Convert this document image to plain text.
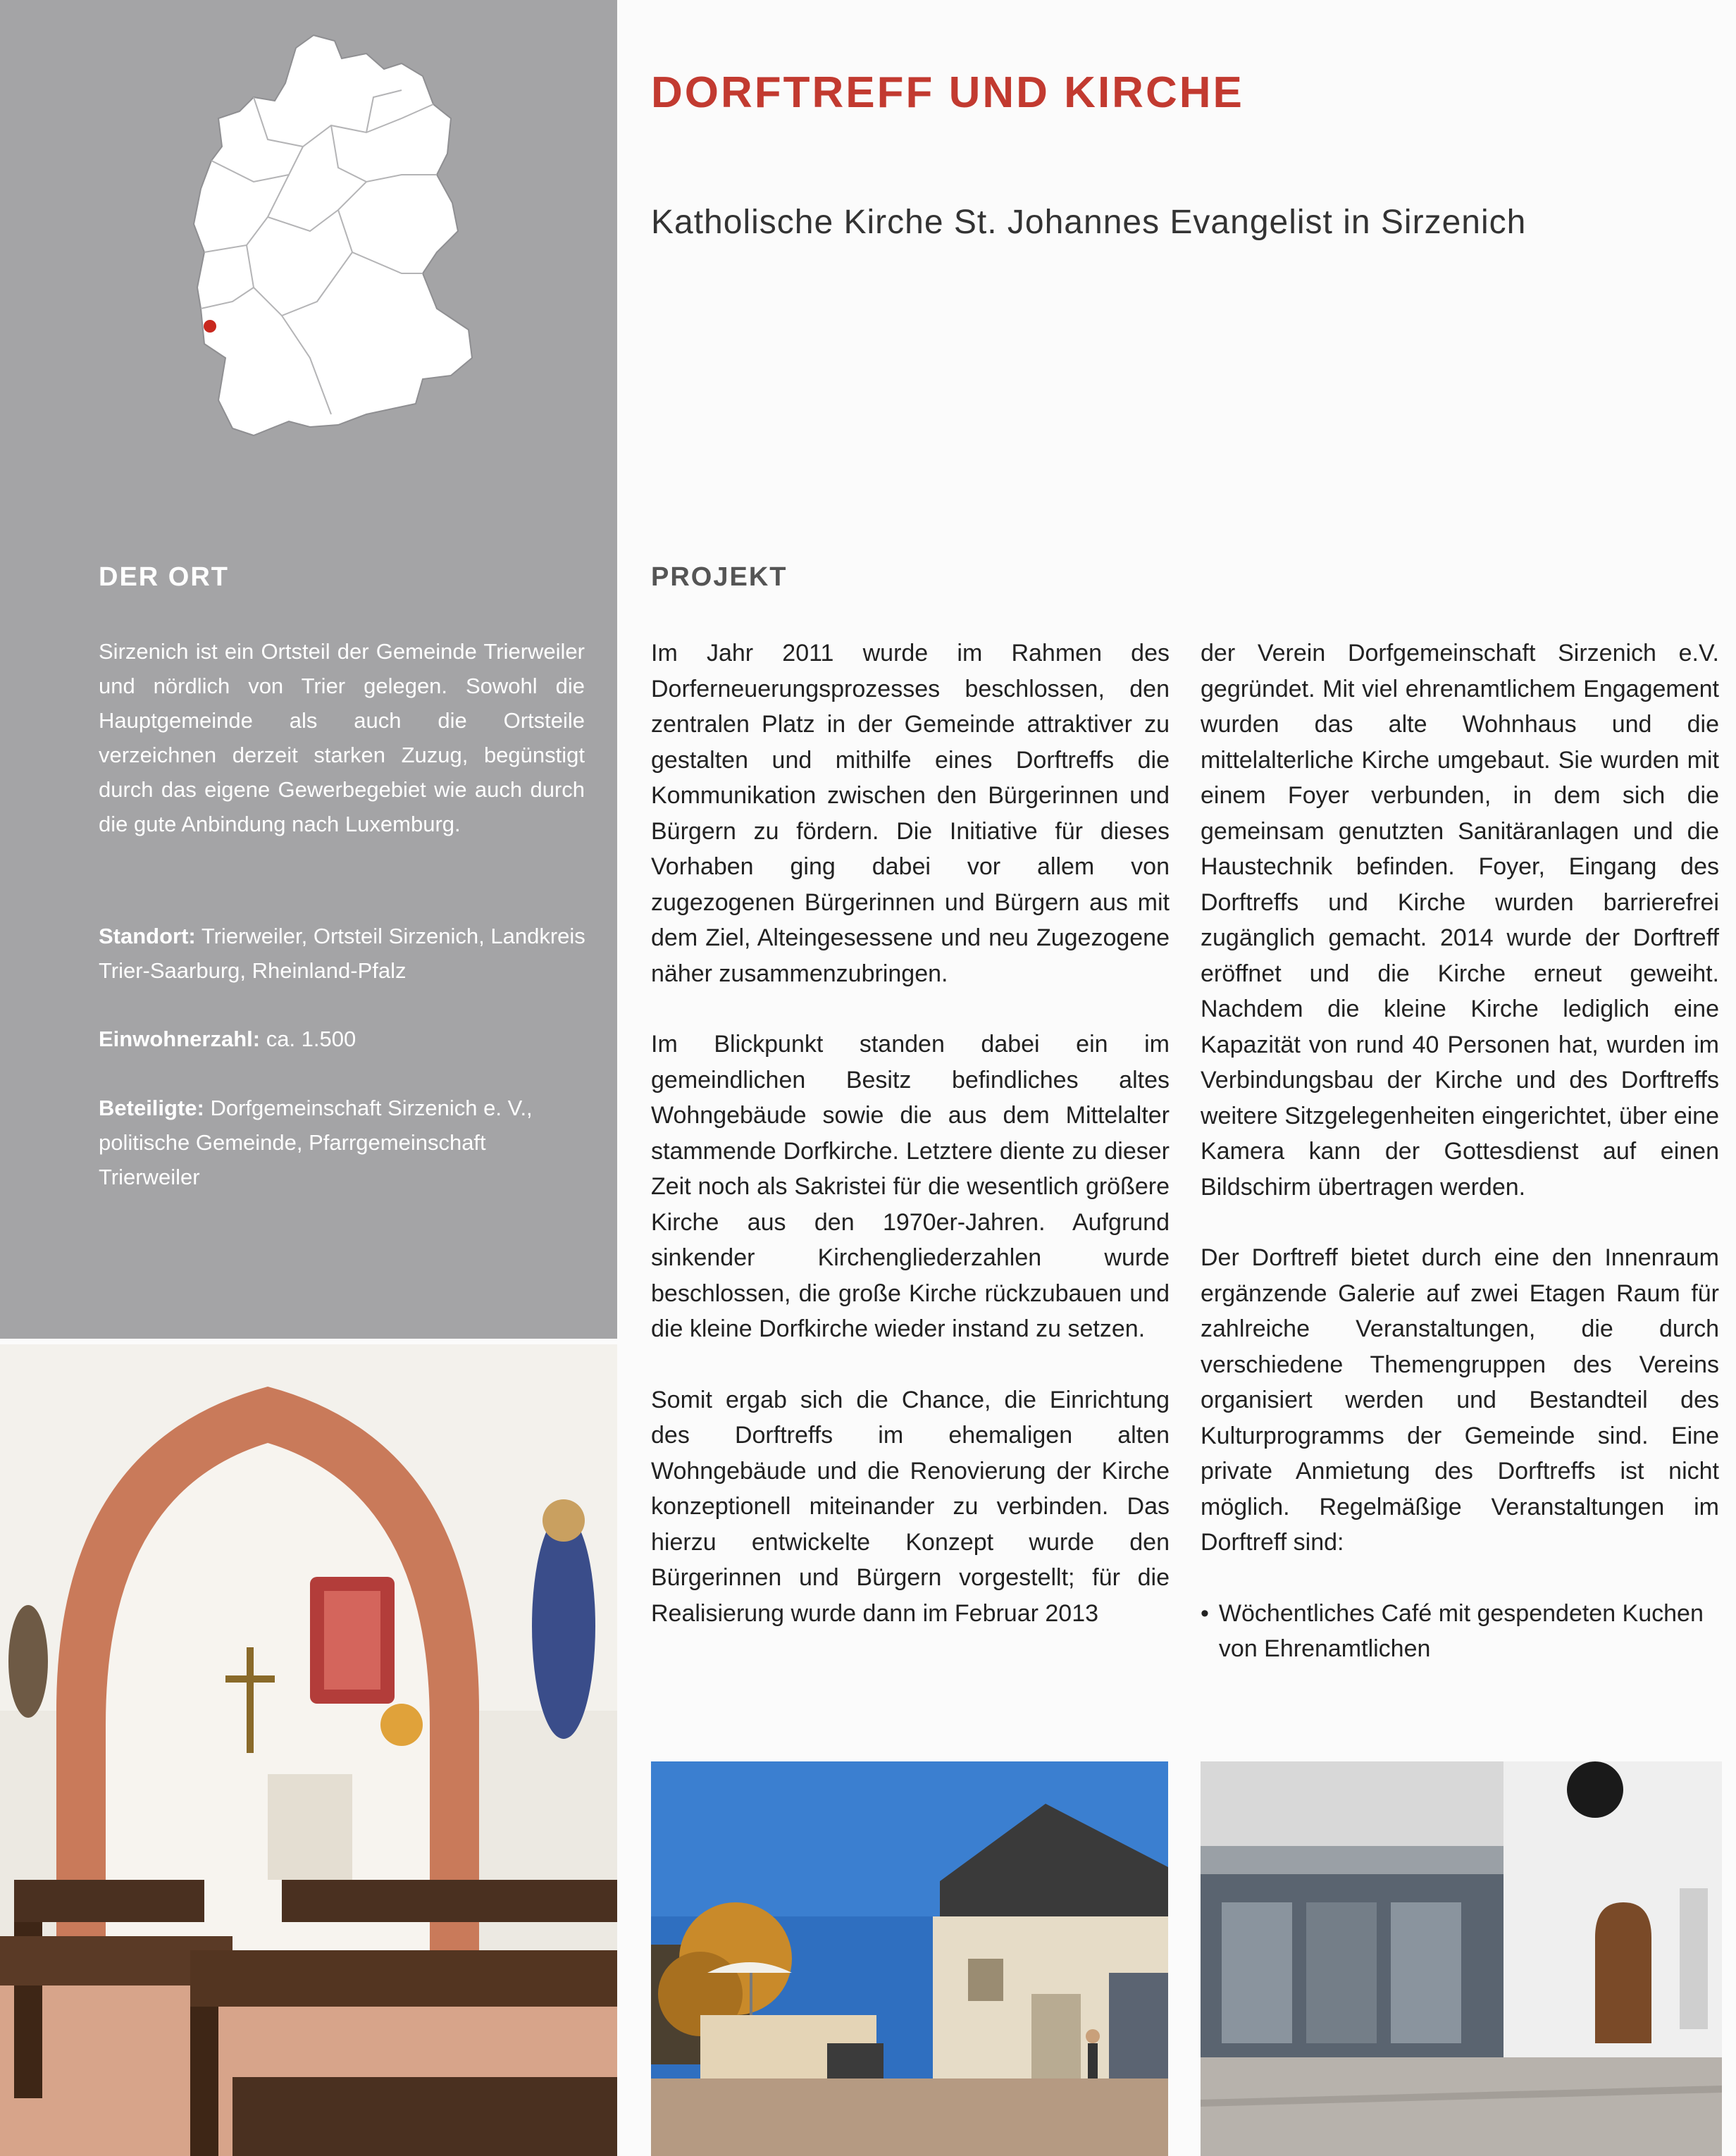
DER ORT
Sirzenich ist ein Ortsteil der Gemeinde Trierweiler und nördlich von Trier gelegen. Sowohl die Hauptgemeinde als auch die Ortsteile verzeichnen derzeit starken Zuzug, begünstigt durch das eigene Gewerbegebiet wie auch durch die gute Anbindung nach Luxemburg.
Standort: Trierweiler, Ortsteil Sirzenich, Landkreis Trier-Saarburg, Rheinland-Pfalz
Einwohnerzahl: ca. 1.500
Beteiligte: Dorfgemeinschaft Sirzenich e. V., politische Gemeinde, Pfarrgemeinschaft Trierweiler
DORFTREFF UND KIRCHE
Katholische Kirche St. Johannes Evangelist in Sirzenich
PROJEKT

Im Jahr 2011 wurde im Rahmen des Dorferneuerungsprozesses beschlossen, den zentralen Platz in der Gemeinde attraktiver zu gestalten und mithilfe eines Dorftreffs die Kommunikation zwischen den Bürgerinnen und Bürgern zu fördern. Die Initiative für dieses Vorhaben ging dabei vor allem von zugezogenen Bürgerinnen und Bürgern aus mit dem Ziel, Alteingesessene und neu Zugezogene näher zusammenzubringen.

Im Blickpunkt standen dabei ein im gemeindlichen Besitz befindliches altes Wohngebäude sowie die aus dem Mittelalter stammende Dorfkirche. Letztere diente zu dieser Zeit noch als Sakristei für die wesentlich größere Kirche aus den 1970er-Jahren. Aufgrund sinkender Kirchengliederzahlen wurde beschlossen, die große Kirche rückzubauen und die kleine Dorfkirche wieder instand zu setzen.

Somit ergab sich die Chance, die Einrichtung des Dorftreffs im ehemaligen alten Wohngebäude und die Renovierung der Kirche konzeptionell miteinander zu verbinden. Das hierzu entwickelte Konzept wurde den Bürgerinnen und Bürgern vorgestellt; für die Realisierung wurde dann im Februar 2013

der Verein Dorfgemeinschaft Sirzenich e.V. gegründet. Mit viel ehrenamtlichem Engagement wurden das alte Wohnhaus und die mittelalterliche Kirche umgebaut. Sie wurden mit einem Foyer verbunden, in dem sich die gemeinsam genutzten Sanitäranlagen und die Haustechnik befinden. Foyer, Eingang des Dorftreffs und Kirche wurden barrierefrei zugänglich gemacht. 2014 wurde der Dorftreff eröffnet und die Kirche erneut geweiht. Nachdem die kleine Kirche lediglich eine Kapazität von rund 40 Personen hat, wurden im Verbindungsbau der Kirche und des Dorftreffs weitere Sitzgelegenheiten eingerichtet, über eine Kamera kann der Gottesdienst auf einen Bildschirm übertragen werden.

Der Dorftreff bietet durch eine den Innenraum ergänzende Galerie auf zwei Etagen Raum für zahlreiche Veranstaltungen, die durch verschiedene Themengruppen des Vereins organisiert werden und Bestandteil des Kulturprogramms der Gemeinde sind. Eine private Anmietung des Dorftreffs ist nicht möglich. Regelmäßige Veranstaltungen im Dorftreff sind:

• Wöchentliches Café mit gespendeten Kuchen von Ehrenamtlichen
